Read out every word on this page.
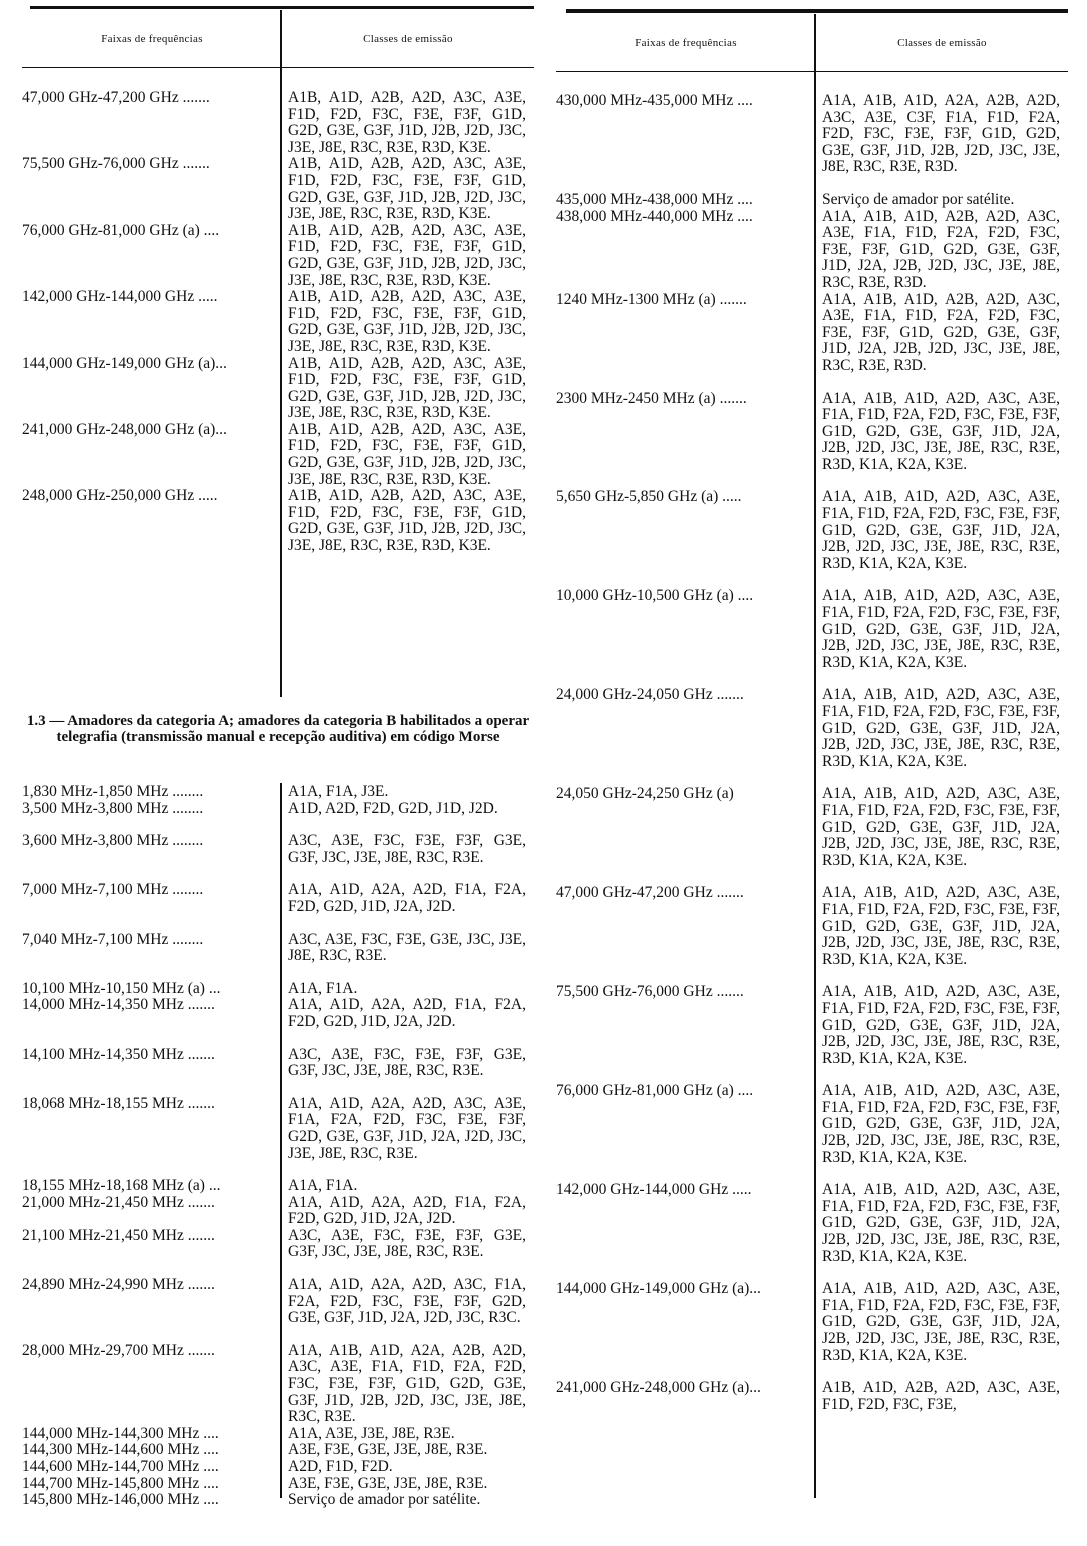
Faixas de frequências	Classes de emissão
47,000 GHz-47,200 GHz .......	A1B, A1D, A2B, A2D, A3C, A3E, F1D, F2D, F3C, F3E, F3F, G1D, G2D, G3E, G3F, J1D, J2B, J2D, J3C, J3E, J8E, R3C, R3E, R3D, K3E.
75,500 GHz-76,000 GHz .......	A1B, A1D, A2B, A2D, A3C, A3E, F1D, F2D, F3C, F3E, F3F, G1D, G2D, G3E, G3F, J1D, J2B, J2D, J3C, J3E, J8E, R3C, R3E, R3D, K3E.
76,000 GHz-81,000 GHz (a) ....	A1B, A1D, A2B, A2D, A3C, A3E, F1D, F2D, F3C, F3E, F3F, G1D, G2D, G3E, G3F, J1D, J2B, J2D, J3C, J3E, J8E, R3C, R3E, R3D, K3E.
142,000 GHz-144,000 GHz .....	A1B, A1D, A2B, A2D, A3C, A3E, F1D, F2D, F3C, F3E, F3F, G1D, G2D, G3E, G3F, J1D, J2B, J2D, J3C, J3E, J8E, R3C, R3E, R3D, K3E.
144,000 GHz-149,000 GHz (a)...	A1B, A1D, A2B, A2D, A3C, A3E, F1D, F2D, F3C, F3E, F3F, G1D, G2D, G3E, G3F, J1D, J2B, J2D, J3C, J3E, J8E, R3C, R3E, R3D, K3E.
241,000 GHz-248,000 GHz (a)...	A1B, A1D, A2B, A2D, A3C, A3E, F1D, F2D, F3C, F3E, F3F, G1D, G2D, G3E, G3F, J1D, J2B, J2D, J3C, J3E, J8E, R3C, R3E, R3D, K3E.
248,000 GHz-250,000 GHz .....	A1B, A1D, A2B, A2D, A3C, A3E, F1D, F2D, F3C, F3E, F3F, G1D, G2D, G3E, G3F, J1D, J2B, J2D, J3C, J3E, J8E, R3C, R3E, R3D, K3E.
1.3 — Amadores da categoria A; amadores da categoria B habilitados a operar telegrafia (transmissão manual e recepção auditiva) em código Morse
1,830 MHz-1,850 MHz ........	A1A, F1A, J3E.
3,500 MHz-3,800 MHz ........	A1D, A2D, F2D, G2D, J1D, J2D.
3,600 MHz-3,800 MHz ........	A3C, A3E, F3C, F3E, F3F, G3E, G3F, J3C, J3E, J8E, R3C, R3E.
7,000 MHz-7,100 MHz ........	A1A, A1D, A2A, A2D, F1A, F2A, F2D, G2D, J1D, J2A, J2D.
7,040 MHz-7,100 MHz ........	A3C, A3E, F3C, F3E, G3E, J3C, J3E, J8E, R3C, R3E.
10,100 MHz-10,150 MHz (a) ...	A1A, F1A.
14,000 MHz-14,350 MHz .......	A1A, A1D, A2A, A2D, F1A, F2A, F2D, G2D, J1D, J2A, J2D.
14,100 MHz-14,350 MHz .......	A3C, A3E, F3C, F3E, F3F, G3E, G3F, J3C, J3E, J8E, R3C, R3E.
18,068 MHz-18,155 MHz .......	A1A, A1D, A2A, A2D, A3C, A3E, F1A, F2A, F2D, F3C, F3E, F3F, G2D, G3E, G3F, J1D, J2A, J2D, J3C, J3E, J8E, R3C, R3E.
18,155 MHz-18,168 MHz (a) ...	A1A, F1A.
21,000 MHz-21,450 MHz .......	A1A, A1D, A2A, A2D, F1A, F2A, F2D, G2D, J1D, J2A, J2D.
21,100 MHz-21,450 MHz .......	A3C, A3E, F3C, F3E, F3F, G3E, G3F, J3C, J3E, J8E, R3C, R3E.
24,890 MHz-24,990 MHz .......	A1A, A1D, A2A, A2D, A3C, F1A, F2A, F2D, F3C, F3E, F3F, G2D, G3E, G3F, J1D, J2A, J2D, J3C, R3C.
28,000 MHz-29,700 MHz .......	A1A, A1B, A1D, A2A, A2B, A2D, A3C, A3E, F1A, F1D, F2A, F2D, F3C, F3E, F3F, G1D, G2D, G3E, G3F, J1D, J2B, J2D, J3C, J3E, J8E, R3C, R3E.
144,000 MHz-144,300 MHz ....	A1A, A3E, J3E, J8E, R3E.
144,300 MHz-144,600 MHz ....	A3E, F3E, G3E, J3E, J8E, R3E.
144,600 MHz-144,700 MHz ....	A2D, F1D, F2D.
144,700 MHz-145,800 MHz ....	A3E, F3E, G3E, J3E, J8E, R3E.
145,800 MHz-146,000 MHz ....	Serviço de amador por satélite.
Faixas de frequências	Classes de emissão
430,000 MHz-435,000 MHz ....	A1A, A1B, A1D, A2A, A2B, A2D, A3C, A3E, C3F, F1A, F1D, F2A, F2D, F3C, F3E, F3F, G1D, G2D, G3E, G3F, J1D, J2B, J2D, J3C, J3E, J8E, R3C, R3E, R3D.
435,000 MHz-438,000 MHz ....	Serviço de amador por satélite.
438,000 MHz-440,000 MHz ....	A1A, A1B, A1D, A2B, A2D, A3C, A3E, F1A, F1D, F2A, F2D, F3C, F3E, F3F, G1D, G2D, G3E, G3F, J1D, J2A, J2B, J2D, J3C, J3E, J8E, R3C, R3E, R3D.
1240 MHz-1300 MHz (a) .......	A1A, A1B, A1D, A2B, A2D, A3C, A3E, F1A, F1D, F2A, F2D, F3C, F3E, F3F, G1D, G2D, G3E, G3F, J1D, J2A, J2B, J2D, J3C, J3E, J8E, R3C, R3E, R3D.
2300 MHz-2450 MHz (a) .......	A1A, A1B, A1D, A2D, A3C, A3E, F1A, F1D, F2A, F2D, F3C, F3E, F3F, G1D, G2D, G3E, G3F, J1D, J2A, J2B, J2D, J3C, J3E, J8E, R3C, R3E, R3D, K1A, K2A, K3E.
5,650 GHz-5,850 GHz (a) .....	A1A, A1B, A1D, A2D, A3C, A3E, F1A, F1D, F2A, F2D, F3C, F3E, F3F, G1D, G2D, G3E, G3F, J1D, J2A, J2B, J2D, J3C, J3E, J8E, R3C, R3E, R3D, K1A, K2A, K3E.
10,000 GHz-10,500 GHz (a) ....	A1A, A1B, A1D, A2D, A3C, A3E, F1A, F1D, F2A, F2D, F3C, F3E, F3F, G1D, G2D, G3E, G3F, J1D, J2A, J2B, J2D, J3C, J3E, J8E, R3C, R3E, R3D, K1A, K2A, K3E.
24,000 GHz-24,050 GHz .......	A1A, A1B, A1D, A2D, A3C, A3E, F1A, F1D, F2A, F2D, F3C, F3E, F3F, G1D, G2D, G3E, G3F, J1D, J2A, J2B, J2D, J3C, J3E, J8E, R3C, R3E, R3D, K1A, K2A, K3E.
24,050 GHz-24,250 GHz (a)	A1A, A1B, A1D, A2D, A3C, A3E, F1A, F1D, F2A, F2D, F3C, F3E, F3F, G1D, G2D, G3E, G3F, J1D, J2A, J2B, J2D, J3C, J3E, J8E, R3C, R3E, R3D, K1A, K2A, K3E.
47,000 GHz-47,200 GHz .......	A1A, A1B, A1D, A2D, A3C, A3E, F1A, F1D, F2A, F2D, F3C, F3E, F3F, G1D, G2D, G3E, G3F, J1D, J2A, J2B, J2D, J3C, J3E, J8E, R3C, R3E, R3D, K1A, K2A, K3E.
75,500 GHz-76,000 GHz .......	A1A, A1B, A1D, A2D, A3C, A3E, F1A, F1D, F2A, F2D, F3C, F3E, F3F, G1D, G2D, G3E, G3F, J1D, J2A, J2B, J2D, J3C, J3E, J8E, R3C, R3E, R3D, K1A, K2A, K3E.
76,000 GHz-81,000 GHz (a) ....	A1A, A1B, A1D, A2D, A3C, A3E, F1A, F1D, F2A, F2D, F3C, F3E, F3F, G1D, G2D, G3E, G3F, J1D, J2A, J2B, J2D, J3C, J3E, J8E, R3C, R3E, R3D, K1A, K2A, K3E.
142,000 GHz-144,000 GHz .....	A1A, A1B, A1D, A2D, A3C, A3E, F1A, F1D, F2A, F2D, F3C, F3E, F3F, G1D, G2D, G3E, G3F, J1D, J2A, J2B, J2D, J3C, J3E, J8E, R3C, R3E, R3D, K1A, K2A, K3E.
144,000 GHz-149,000 GHz (a)...	A1A, A1B, A1D, A2D, A3C, A3E, F1A, F1D, F2A, F2D, F3C, F3E, F3F, G1D, G2D, G3E, G3F, J1D, J2A, J2B, J2D, J3C, J3E, J8E, R3C, R3E, R3D, K1A, K2A, K3E.
241,000 GHz-248,000 GHz (a)...	A1B, A1D, A2B, A2D, A3C, A3E, F1D, F2D, F3C, F3E,
